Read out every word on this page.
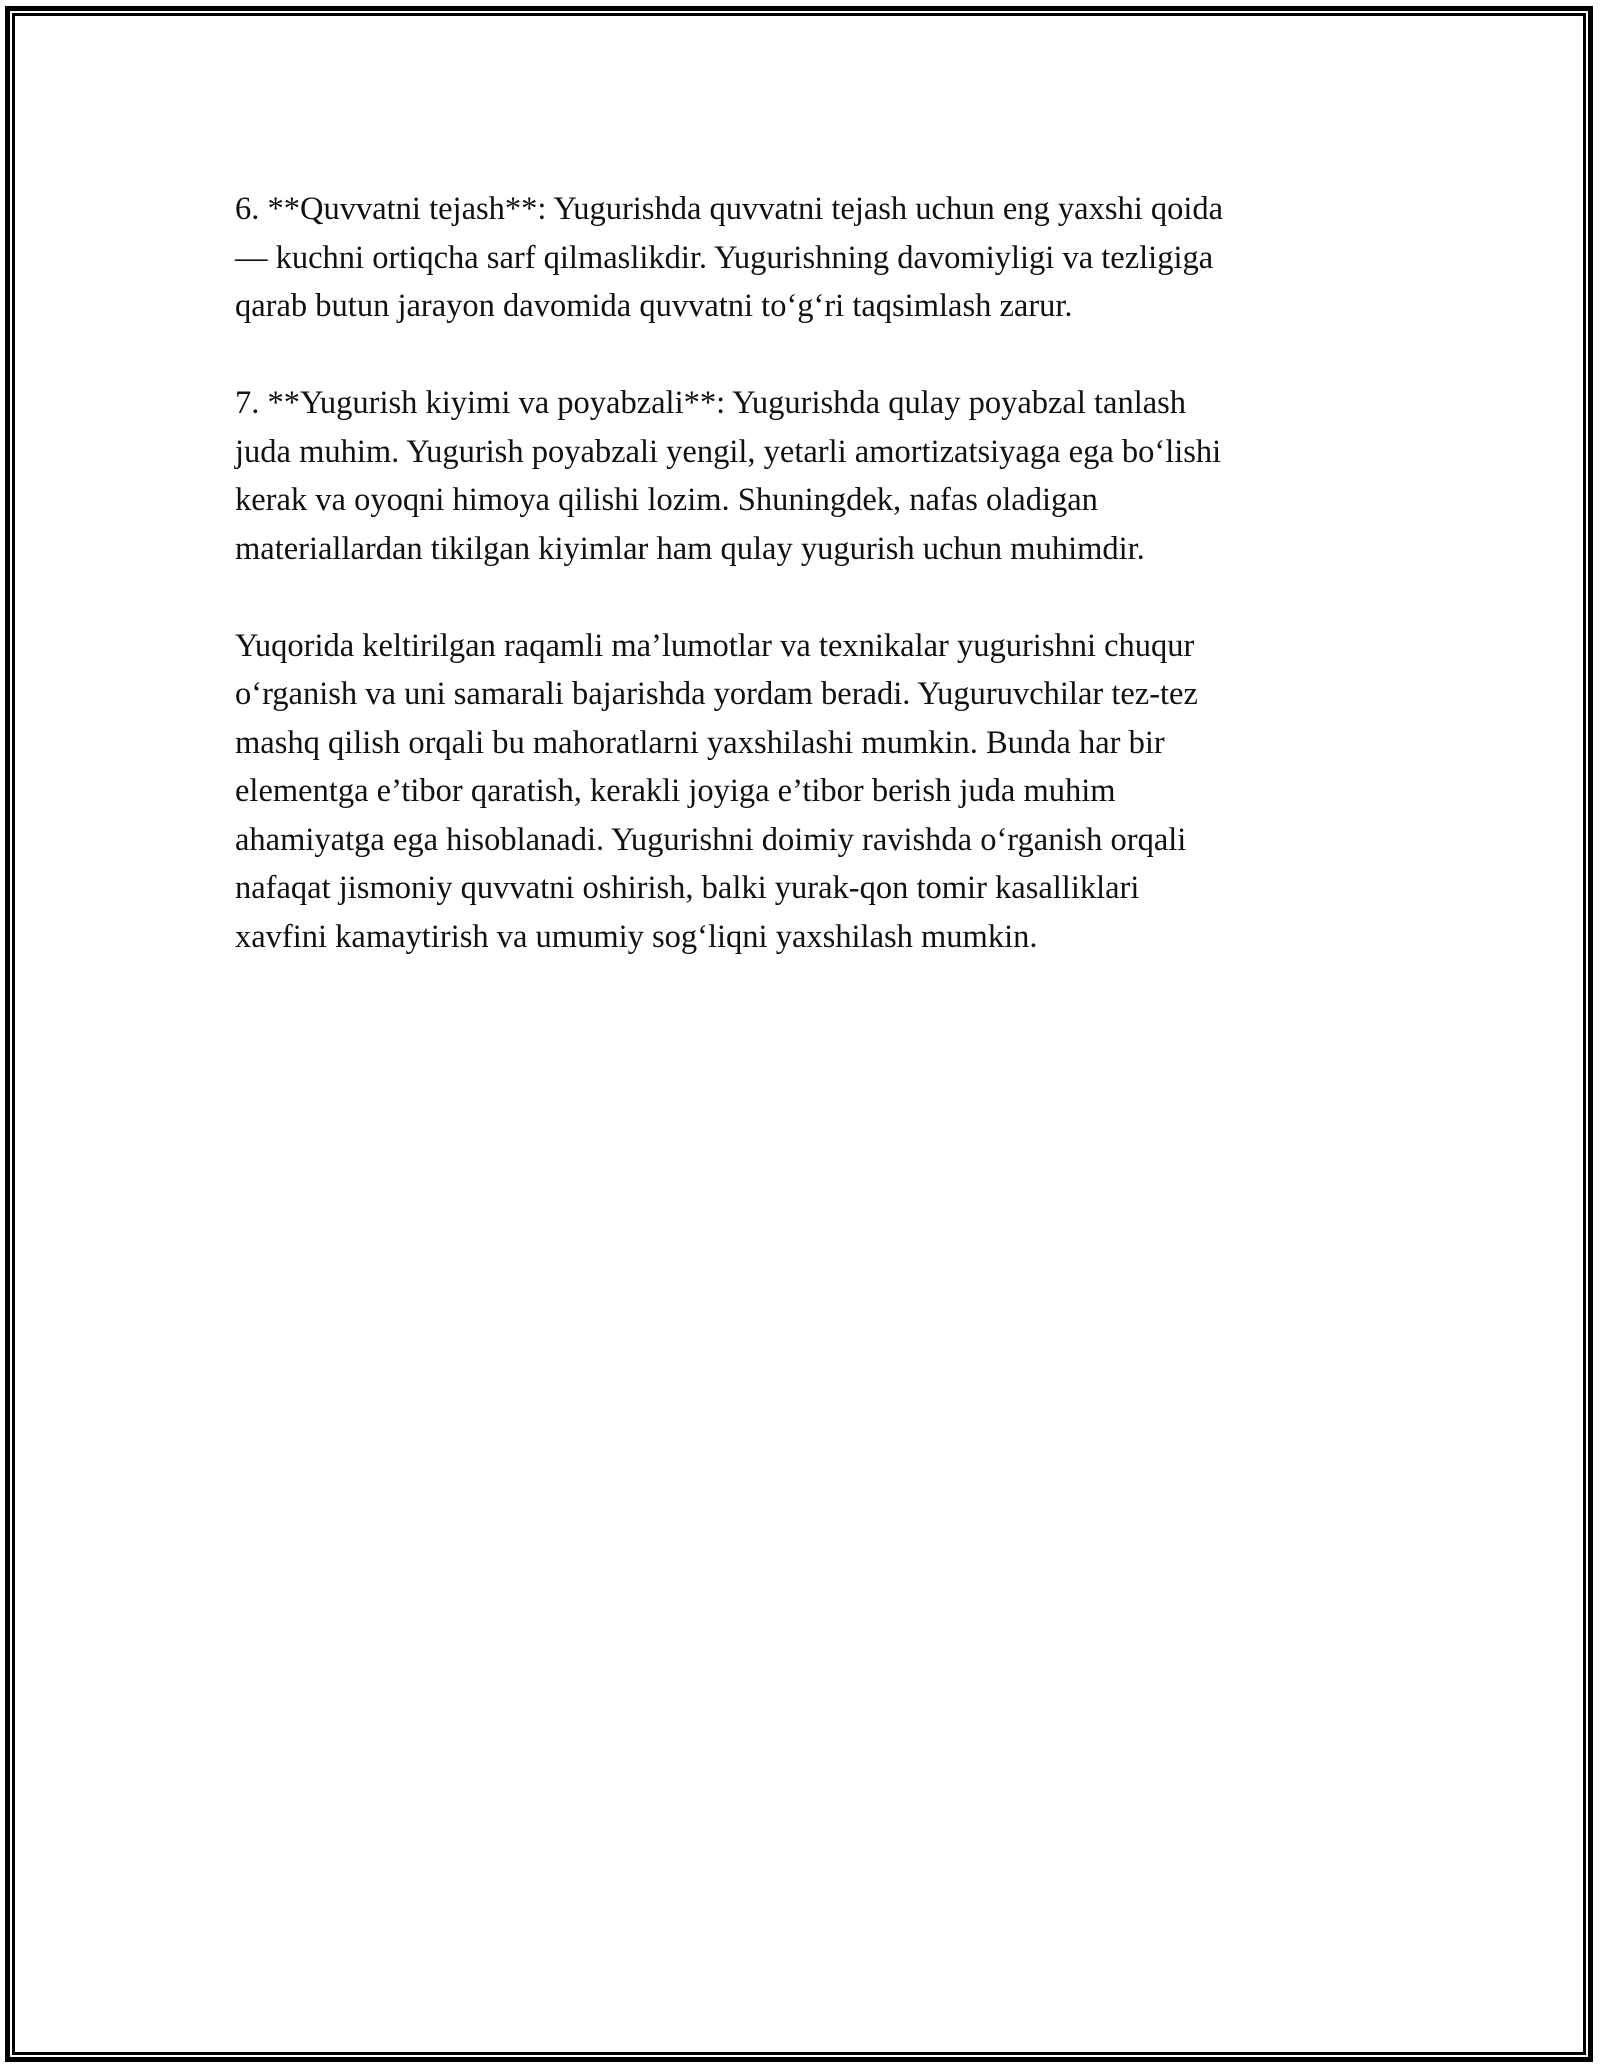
6. **Quvvatni tejash**: Yugurishda quvvatni tejash uchun eng yaxshi qoida
— kuchni ortiqcha sarf qilmaslikdir. Yugurishning davomiyligi va tezligiga
qarab butun jarayon davomida quvvatni to‘g‘ri taqsimlash zarur.

7. **Yugurish kiyimi va poyabzali**: Yugurishda qulay poyabzal tanlash
juda muhim. Yugurish poyabzali yengil, yetarli amortizatsiyaga ega bo‘lishi
kerak va oyoqni himoya qilishi lozim. Shuningdek, nafas oladigan
materiallardan tikilgan kiyimlar ham qulay yugurish uchun muhimdir.

Yuqorida keltirilgan raqamli ma’lumotlar va texnikalar yugurishni chuqur
o‘rganish va uni samarali bajarishda yordam beradi. Yuguruvchilar tez-tez
mashq qilish orqali bu mahoratlarni yaxshilashi mumkin. Bunda har bir
elementga e’tibor qaratish, kerakli joyiga e’tibor berish juda muhim
ahamiyatga ega hisoblanadi. Yugurishni doimiy ravishda o‘rganish orqali
nafaqat jismoniy quvvatni oshirish, balki yurak-qon tomir kasalliklari
xavfini kamaytirish va umumiy sog‘liqni yaxshilash mumkin.
